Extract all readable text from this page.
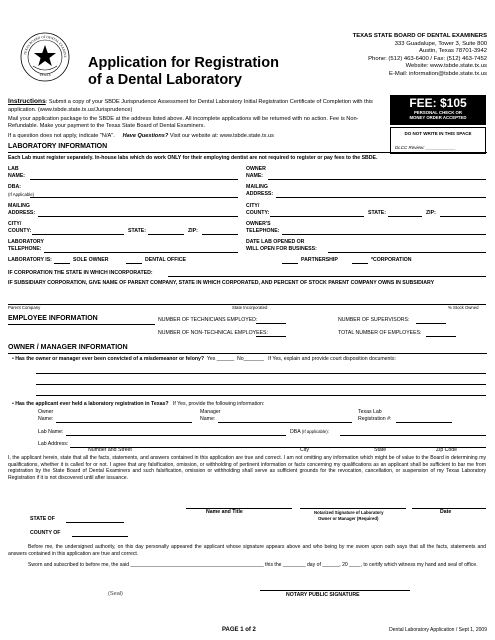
TEXAS BOARD OF DENTAL EXAMINE
TEXAS
Application for Registration
of a Dental Laboratory
TEXAS STATE BOARD OF DENTAL EXAMINERS
333 Guadalupe, Tower 3, Suite 800
Austin, Texas 78701-3942
Phone: (512) 463-6400 / Fax: (512) 463-7452
Website: www.tsbde.state.tx.us
E-Mail: information@tsbde.state.tx.us
Instructions: Submit a copy of your SBDE Jurisprudence Assessment for Dental Laboratory Initial Registration Certificate of Completion with this application. (www.tsbde.state.tx.us/Jurisprudence)
Mail your application package to the SBDE at the address listed above. All incomplete applications will be returned with no action. Fee is Non-Refundable. Make your payment to the Texas State Board of Dental Examiners.
If a question does not apply, indicate "N/A". Have Questions? Visit our website at: www.tsbde.state.tx.us
FEE: $105
PERSONAL CHECK OR
MONEY ORDER ACCEPTED
DO NOT WRITE IN THIS SPACE
DLCC Review: ____________
LABORATORY INFORMATION
Each Lab must register separately. In-house labs which do work ONLY for their employing dentist are not required to register or pay fees to the SBDE.
LAB
NAME:
OWNER
NAME:
DBA:
(If Applicable)
MAILING
ADDRESS:
MAILING
ADDRESS:
CITY/
COUNTY:	STATE:	ZIP:
CITY/
COUNTY:	STATE:	ZIP:
OWNER'S
TELEPHONE:
LABORATORY
TELEPHONE:
DATE LAB OPENED OR
WILL OPEN FOR BUSINESS:
LABORATORY IS:	SOLE OWNER	DENTAL OFFICE	PARTNERSHIP	*CORPORATION
IF CORPORATION THE STATE IN WHICH INCORPORATED:
IF SUBSIDIARY CORPORATION, GIVE NAME OF PARENT COMPANY, STATE IN WHICH CORPORATED, AND PERCENT OF STOCK PARENT COMPANY OWNS IN SUBSIDIARY
Parent Company	State Incorporated	% Stock Owned
EMPLOYEE INFORMATION	NUMBER OF TECHNICIANS EMPLOYED:	NUMBER OF SUPERVISORS:
NUMBER OF NON-TECHNICAL EMPLOYEES:	TOTAL NUMBER OF EMPLOYEES:
OWNER / MANAGER INFORMATION
• Has the owner or manager ever been convicted of a misdemeanor or felony? Yes ______ No_______ If Yes, explain and provide court disposition documents:
• Has the applicant ever held a laboratory registration in Texas? If Yes, provide the following information:
Owner	Manager	Texas Lab
Name:	Name:	Registration #:
Lab Name:	DBA (If applicable):
Lab Address:
Number and Street	City	State	Zip Code
I, the applicant herein, state that all the facts, statements, and answers contained in this application are true and correct. I am not omitting any information which might be of value to the Board in determining my qualifications, whether it is called for or not. I agree that any falsification, omission, or withholding of pertinent information or facts concerning my qualifications as an applicant shall be sufficient to bar me from registration by the State Board of Dental Examiners and such falsification, omission or withholding shall serve as sufficient grounds for the revocation, cancellation, or suspension of my Texas Laboratory Registration if it is not discovered until after issuance.
Name and Title	Notarized Signature of Laboratory
Owner or Manager (Required)
Date
STATE OF
COUNTY OF
Before me, the undersigned authority, on this day personally appeared the applicant whose signature appears above and who being by me sworn upon oath says that all the facts, statements and answers contained in this application are true and correct.
Sworn and subscribed to before me, the said _______________________________________________ this the ________ day of ______, 20 ____, to certify which witness my hand and seal of office.
(Seal)	NOTARY PUBLIC SIGNATURE
PAGE 1 of 2	Dental Laboratory Application / Sept 1, 2009
